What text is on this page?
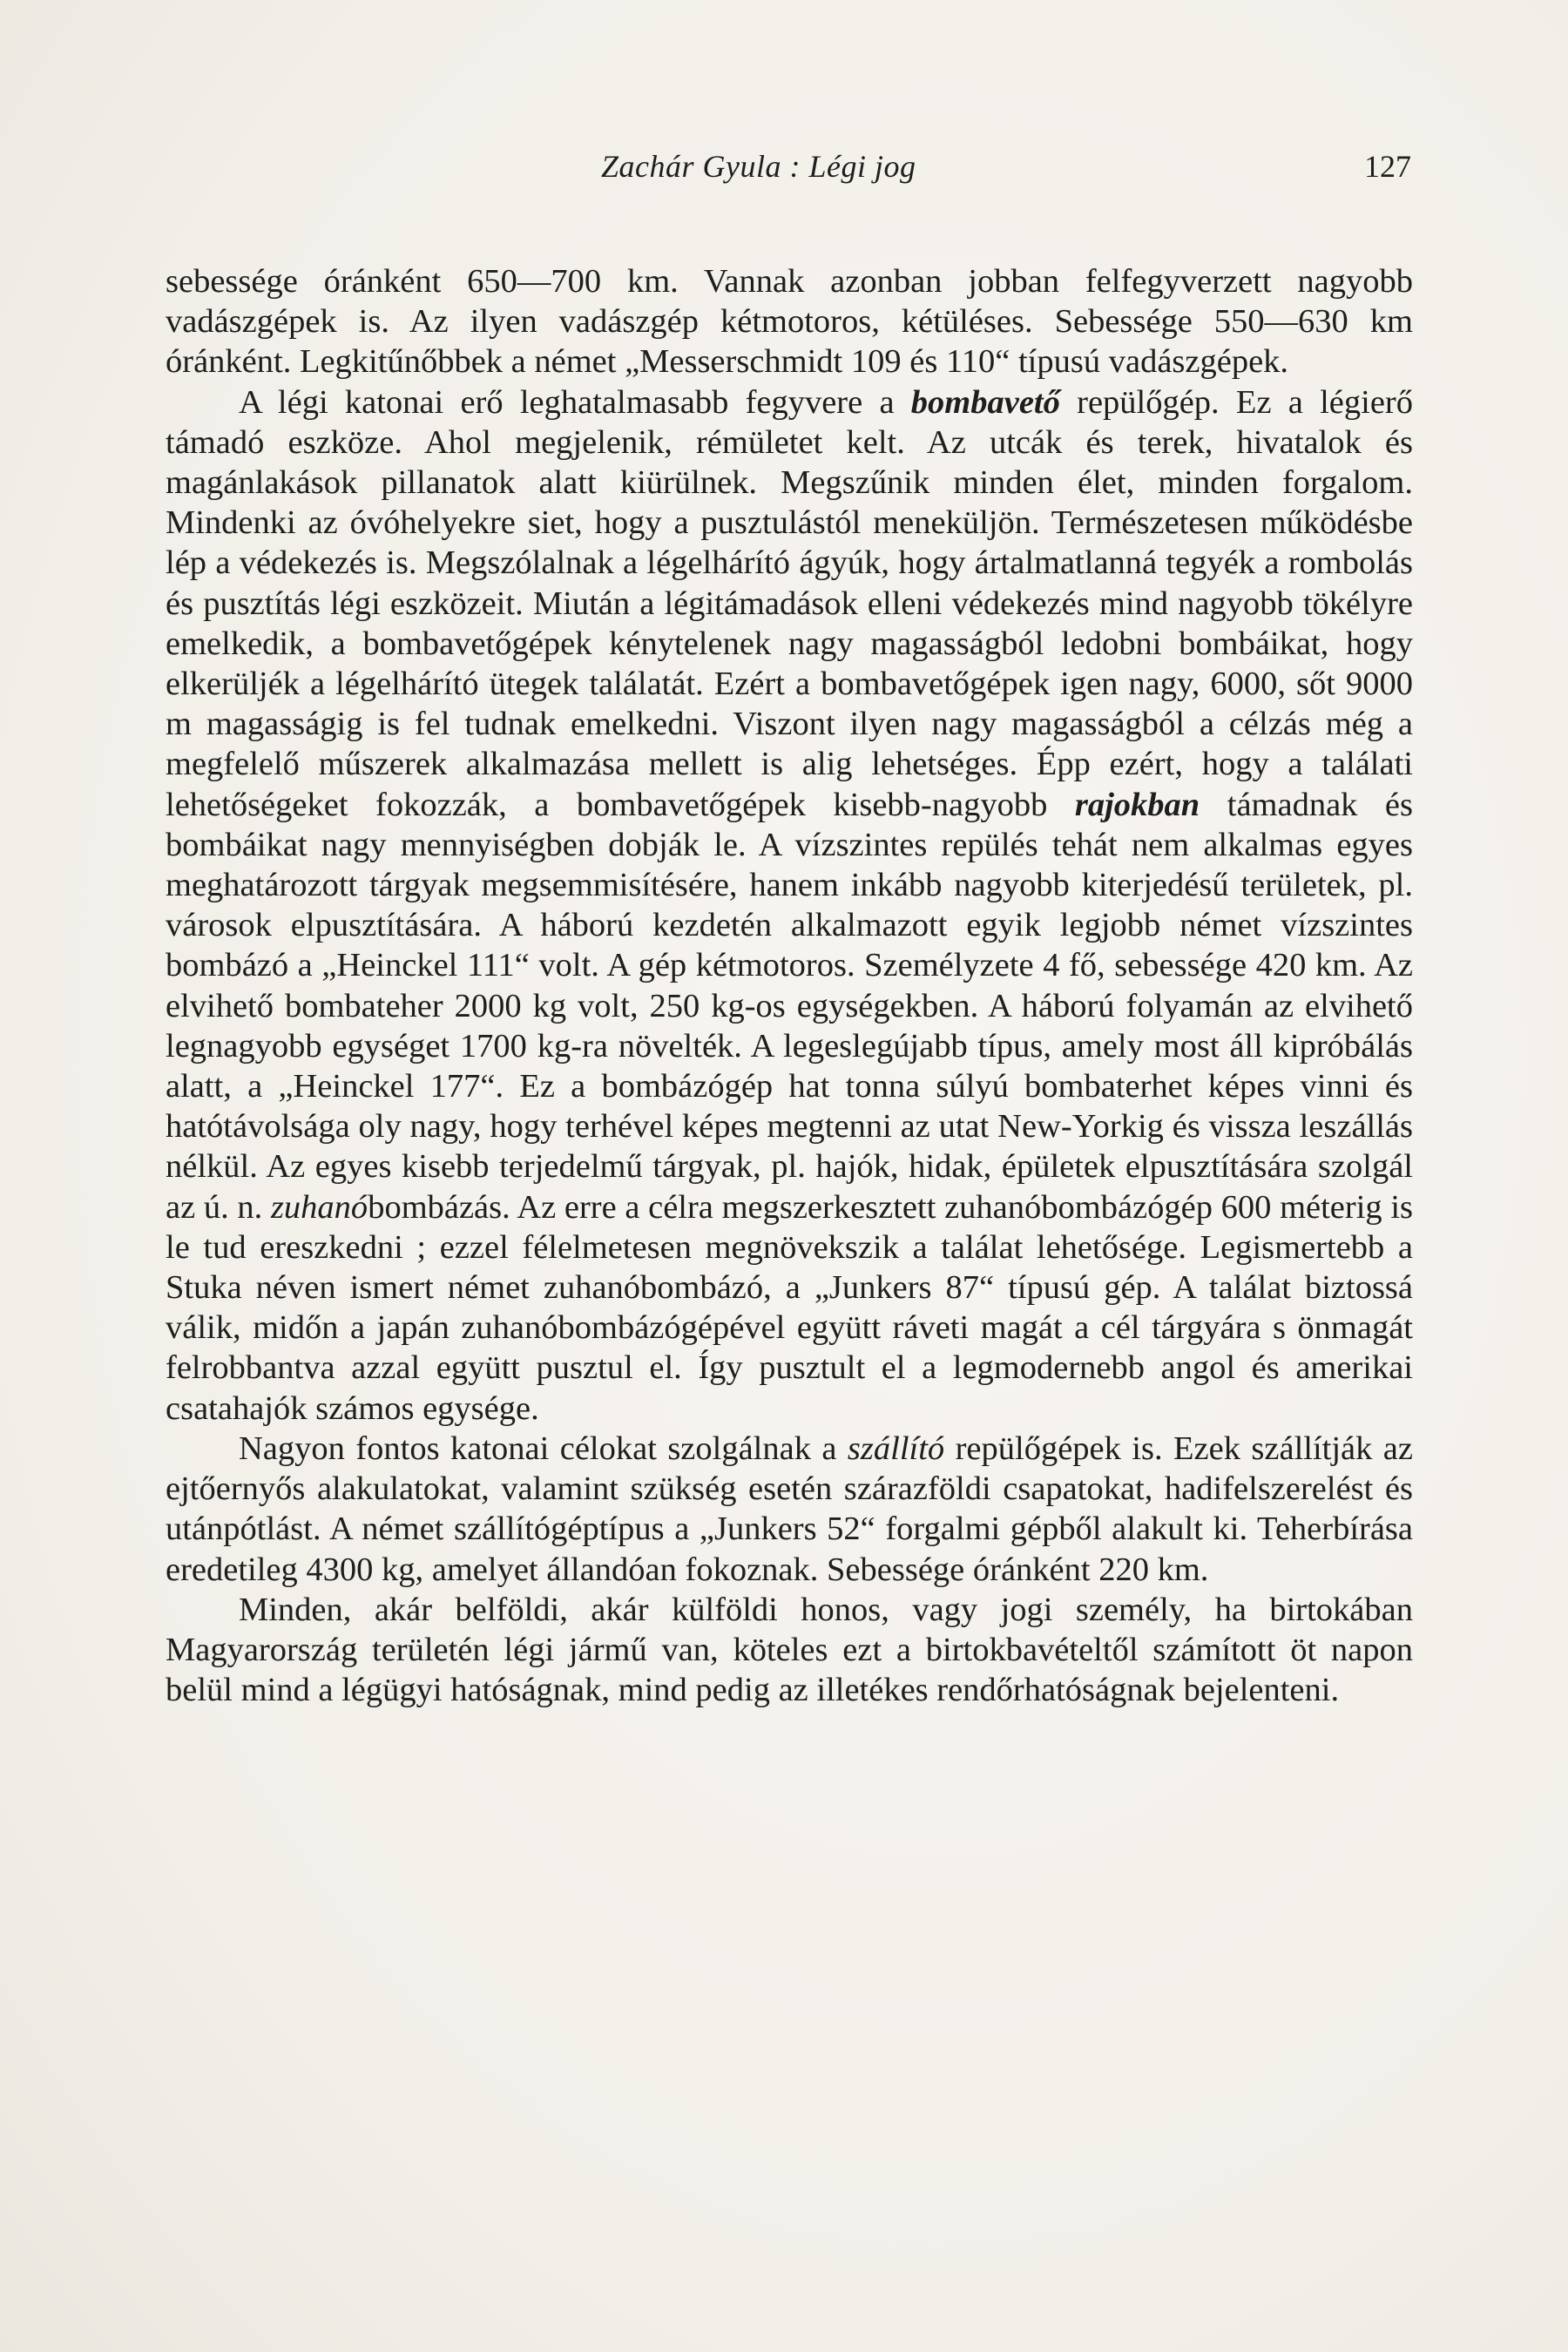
Zachár Gyula : Légi jog	127

sebessége óránként 650—700 km. Vannak azonban jobban felfegyverzett nagyobb vadászgépek is. Az ilyen vadászgép kétmotoros, kétüléses. Sebessége 550—630 km óránként. Legkitűnőbbek a német „Messerschmidt 109 és 110“ típusú vadászgépek.

A légi katonai erő leghatalmasabb fegyvere a bombavető repülőgép. Ez a légierő támadó eszköze. Ahol megjelenik, rémületet kelt. Az utcák és terek, hivatalok és magánlakások pillanatok alatt kiürülnek. Megszűnik minden élet, minden forgalom. Mindenki az óvóhelyekre siet, hogy a pusztulástól meneküljön. Természetesen működésbe lép a védekezés is. Megszólalnak a légelhárító ágyúk, hogy ártalmatlanná tegyék a rombolás és pusztítás légi eszközeit. Miután a légitámadások elleni védekezés mind nagyobb tökélyre emelkedik, a bombavetőgépek kénytelenek nagy magasságból ledobni bombáikat, hogy elkerüljék a légelhárító ütegek találatát. Ezért a bombavetőgépek igen nagy, 6000, sőt 9000 m magasságig is fel tudnak emelkedni. Viszont ilyen nagy magasságból a célzás még a megfelelő műszerek alkalmazása mellett is alig lehetséges. Épp ezért, hogy a találati lehetőségeket fokozzák, a bombavetőgépek kisebb-nagyobb rajokban támadnak és bombáikat nagy mennyiségben dobják le. A vízszintes repülés tehát nem alkalmas egyes meghatározott tárgyak megsemmisítésére, hanem inkább nagyobb kiterjedésű területek, pl. városok elpusztítására. A háború kezdetén alkalmazott egyik legjobb német vízszintes bombázó a „Heinckel 111“ volt. A gép kétmotoros. Személyzete 4 fő, sebessége 420 km. Az elvihető bombateher 2000 kg volt, 250 kg-os egységekben. A háború folyamán az elvihető legnagyobb egységet 1700 kg-ra növelték. A legeslegújabb típus, amely most áll kipróbálás alatt, a „Heinckel 177“. Ez a bombázógép hat tonna súlyú bombaterhet képes vinni és hatótávolsága oly nagy, hogy terhével képes megtenni az utat New-Yorkig és vissza leszállás nélkül. Az egyes kisebb terjedelmű tárgyak, pl. hajók, hidak, épületek elpusztítására szolgál az ú. n. zuhanóbombázás. Az erre a célra megszerkesztett zuhanóbombázógép 600 méterig is le tud ereszkedni ; ezzel félelmetesen megnövekszik a találat lehetősége. Legismertebb a Stuka néven ismert német zuhanóbombázó, a „Junkers 87“ típusú gép. A találat biztossá válik, midőn a japán zuhanóbombázógépével együtt ráveti magát a cél tárgyára s önmagát felrobbantva azzal együtt pusztul el. Így pusztult el a legmodernebb angol és amerikai csatahajók számos egysége.

Nagyon fontos katonai célokat szolgálnak a szállító repülőgépek is. Ezek szállítják az ejtőernyős alakulatokat, valamint szükség esetén szárazföldi csapatokat, hadifelszerelést és utánpótlást. A német szállítógéptípus a „Junkers 52“ forgalmi gépből alakult ki. Teherbírása eredetileg 4300 kg, amelyet állandóan fokoznak. Sebessége óránként 220 km.

Minden, akár belföldi, akár külföldi honos, vagy jogi személy, ha birtokában Magyarország területén légi jármű van, köteles ezt a birtokbavételtől számított öt napon belül mind a légügyi hatóságnak, mind pedig az illetékes rendőrhatóságnak bejelenteni.
